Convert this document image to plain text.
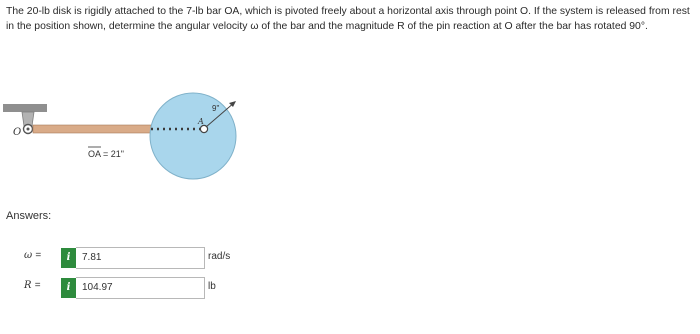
The 20-lb disk is rigidly attached to the 7-lb bar OA, which is pivoted freely about a horizontal axis through point O. If the system is released from rest in the position shown, determine the angular velocity ω of the bar and the magnitude R of the pin reaction at O after the bar has rotated 90°.
O
A
9"
OA = 21"
Answers:
ω =	i	7.81	rad/s
R =	i	104.97	lb
